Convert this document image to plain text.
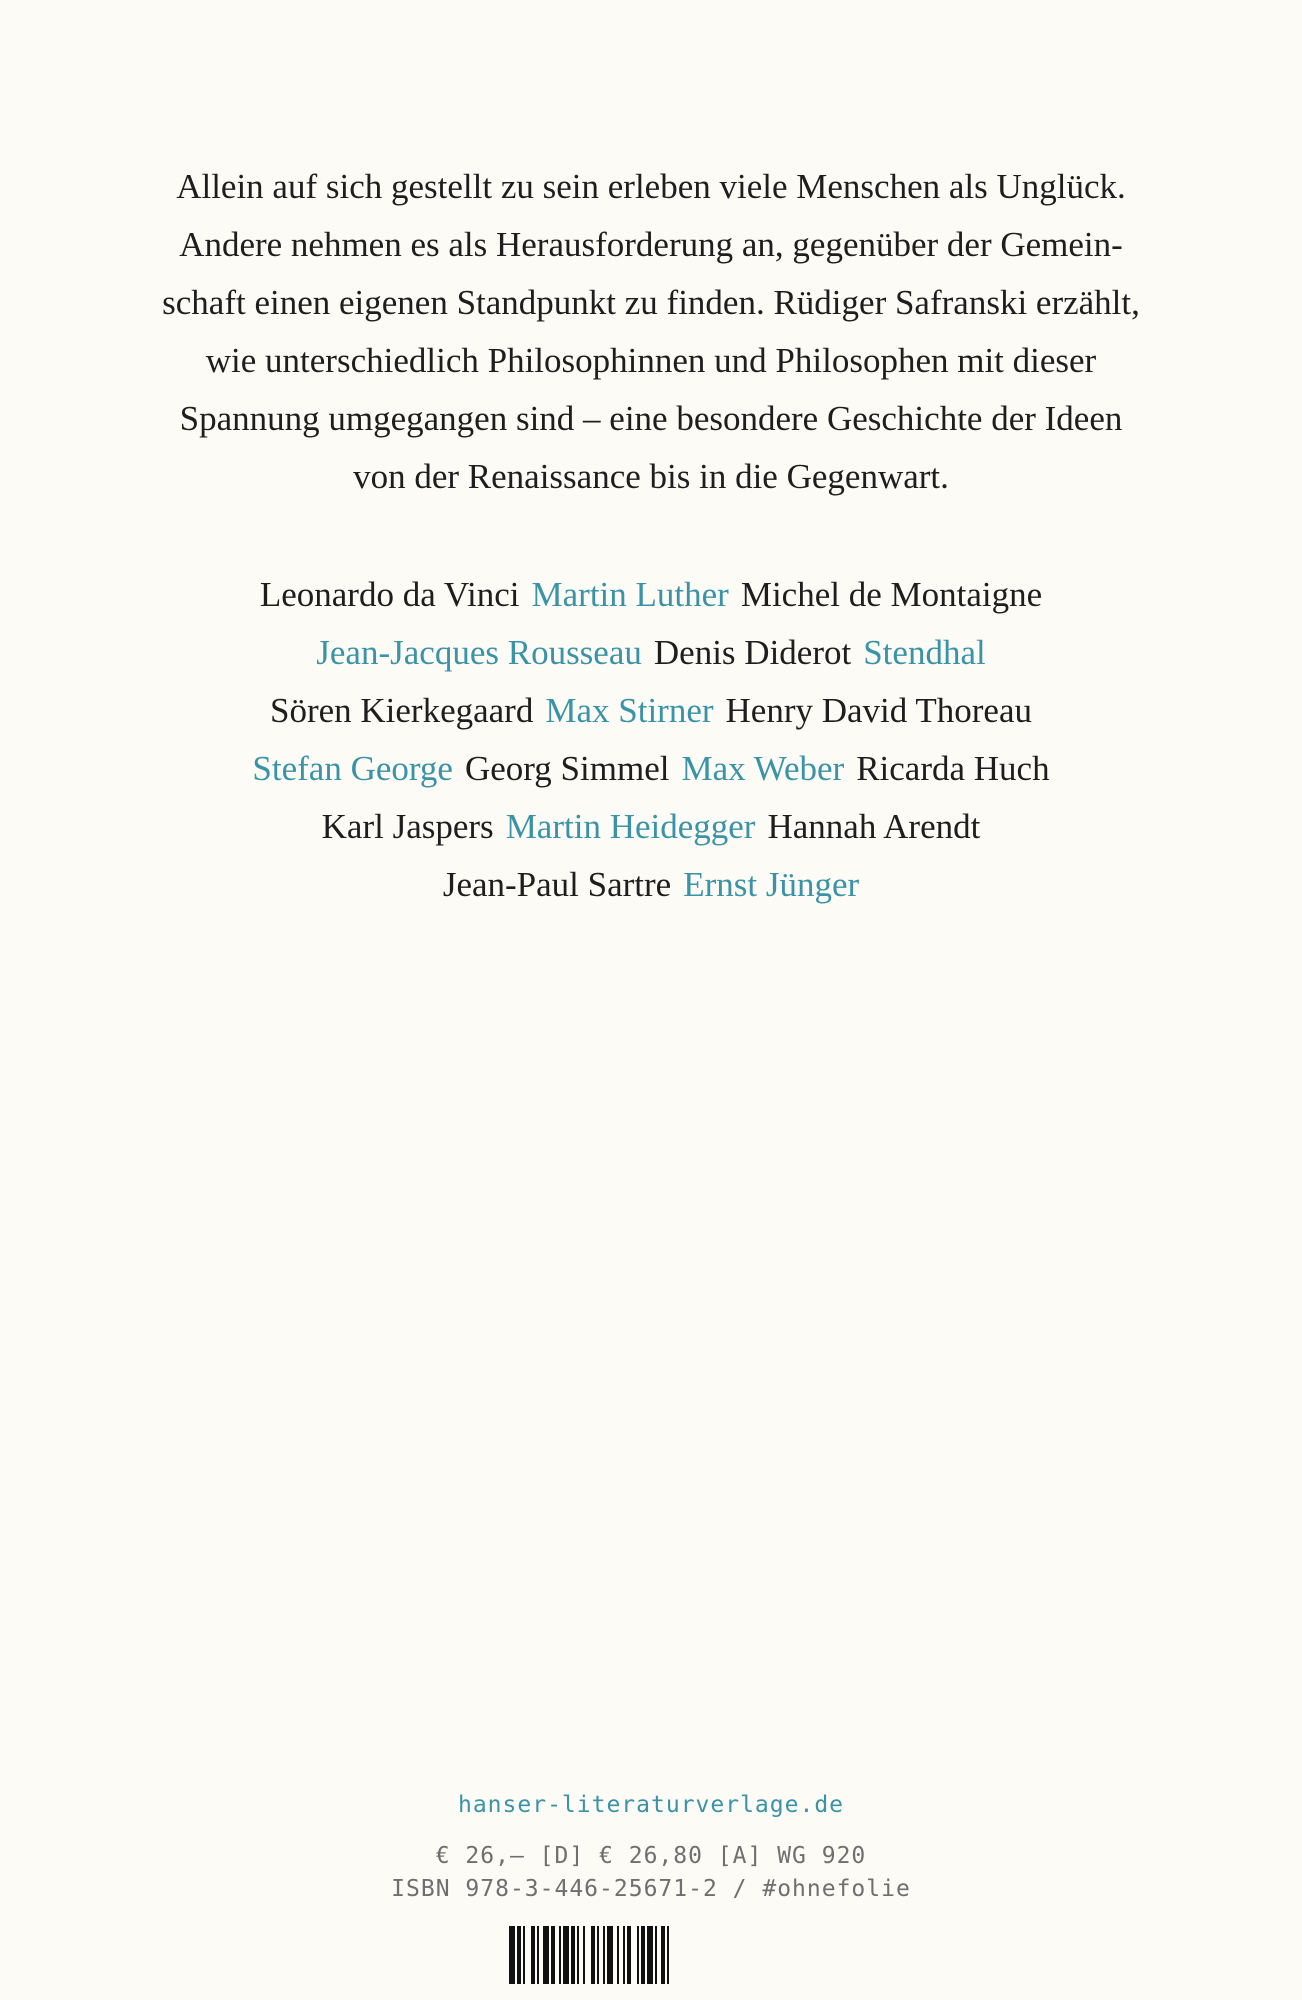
Allein auf sich gestellt zu sein erleben viele Menschen als Unglück.
Andere nehmen es als Herausforderung an, gegenüber der Gemein-
schaft einen eigenen Standpunkt zu finden. Rüdiger Safranski erzählt,
wie unterschiedlich Philosophinnen und Philosophen mit dieser
Spannung umgegangen sind – eine besondere Geschichte der Ideen
von der Renaissance bis in die Gegenwart.

Leonardo da Vinci Martin Luther Michel de Montaigne
Jean-Jacques Rousseau Denis Diderot Stendhal
Sören Kierkegaard Max Stirner Henry David Thoreau
Stefan George Georg Simmel Max Weber Ricarda Huch
Karl Jaspers Martin Heidegger Hannah Arendt
Jean-Paul Sartre Ernst Jünger
hanser-literaturverlage.de
€ 26,– [D] € 26,80 [A] WG 920
ISBN 978-3-446-25671-2 / #ohnefolie
